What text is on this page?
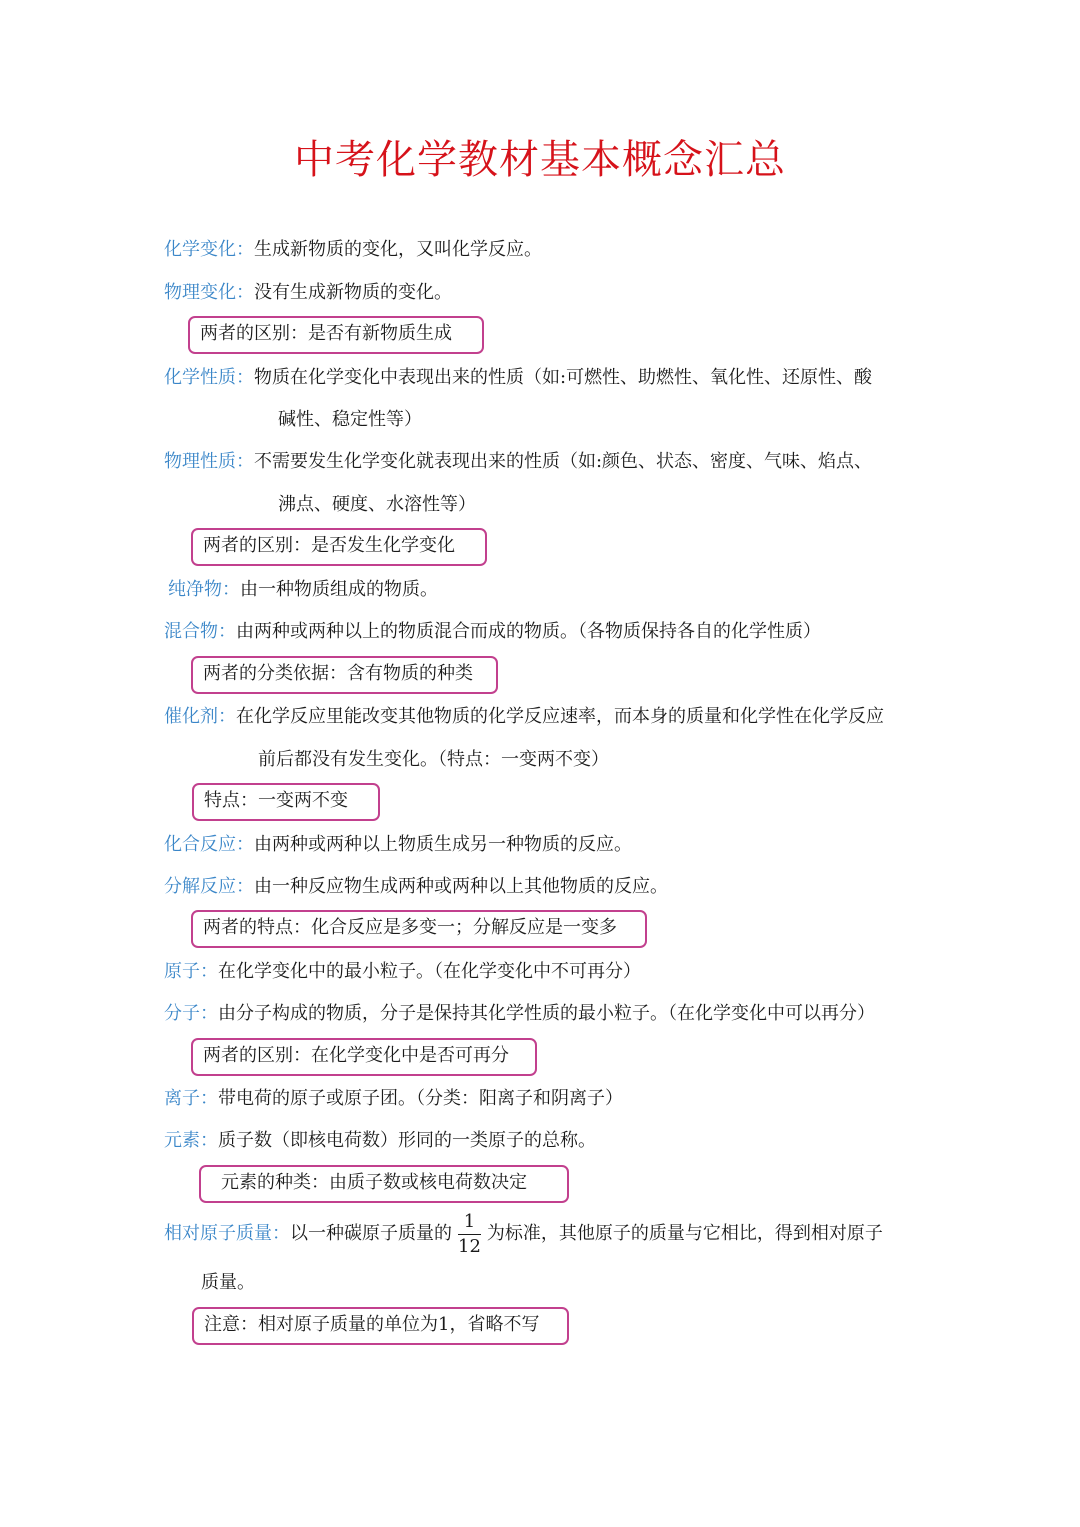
中考化学教材基本概念汇总
化学变化：生成新物质的变化，又叫化学反应。
物理变化：没有生成新物质的变化。
两者的区别：是否有新物质生成
化学性质：物质在化学变化中表现出来的性质（如:可燃性、助燃性、氧化性、还原性、酸
碱性、稳定性等）
物理性质：不需要发生化学变化就表现出来的性质（如:颜色、状态、密度、气味、焰点、
沸点、硬度、水溶性等）
两者的区别：是否发生化学变化
纯净物：由一种物质组成的物质。
混合物：由两种或两种以上的物质混合而成的物质。（各物质保持各自的化学性质）
两者的分类依据：含有物质的种类
催化剂：在化学反应里能改变其他物质的化学反应速率，而本身的质量和化学性在化学反应
前后都没有发生变化。（特点：一变两不变）
特点：一变两不变
化合反应：由两种或两种以上物质生成另一种物质的反应。
分解反应：由一种反应物生成两种或两种以上其他物质的反应。
两者的特点：化合反应是多变一；分解反应是一变多
原子：在化学变化中的最小粒子。（在化学变化中不可再分）
分子：由分子构成的物质，分子是保持其化学性质的最小粒子。（在化学变化中可以再分）
两者的区别：在化学变化中是否可再分
离子：带电荷的原子或原子团。（分类：阳离子和阴离子）
元素：质子数（即核电荷数）形同的一类原子的总称。
元素的种类：由质子数或核电荷数决定
相对原子质量：以一种碳原子质量的 $\frac{1}{12}$ 为标准，其他原子的质量与它相比，得到相对原子
质量。
注意：相对原子质量的单位为1，省略不写
